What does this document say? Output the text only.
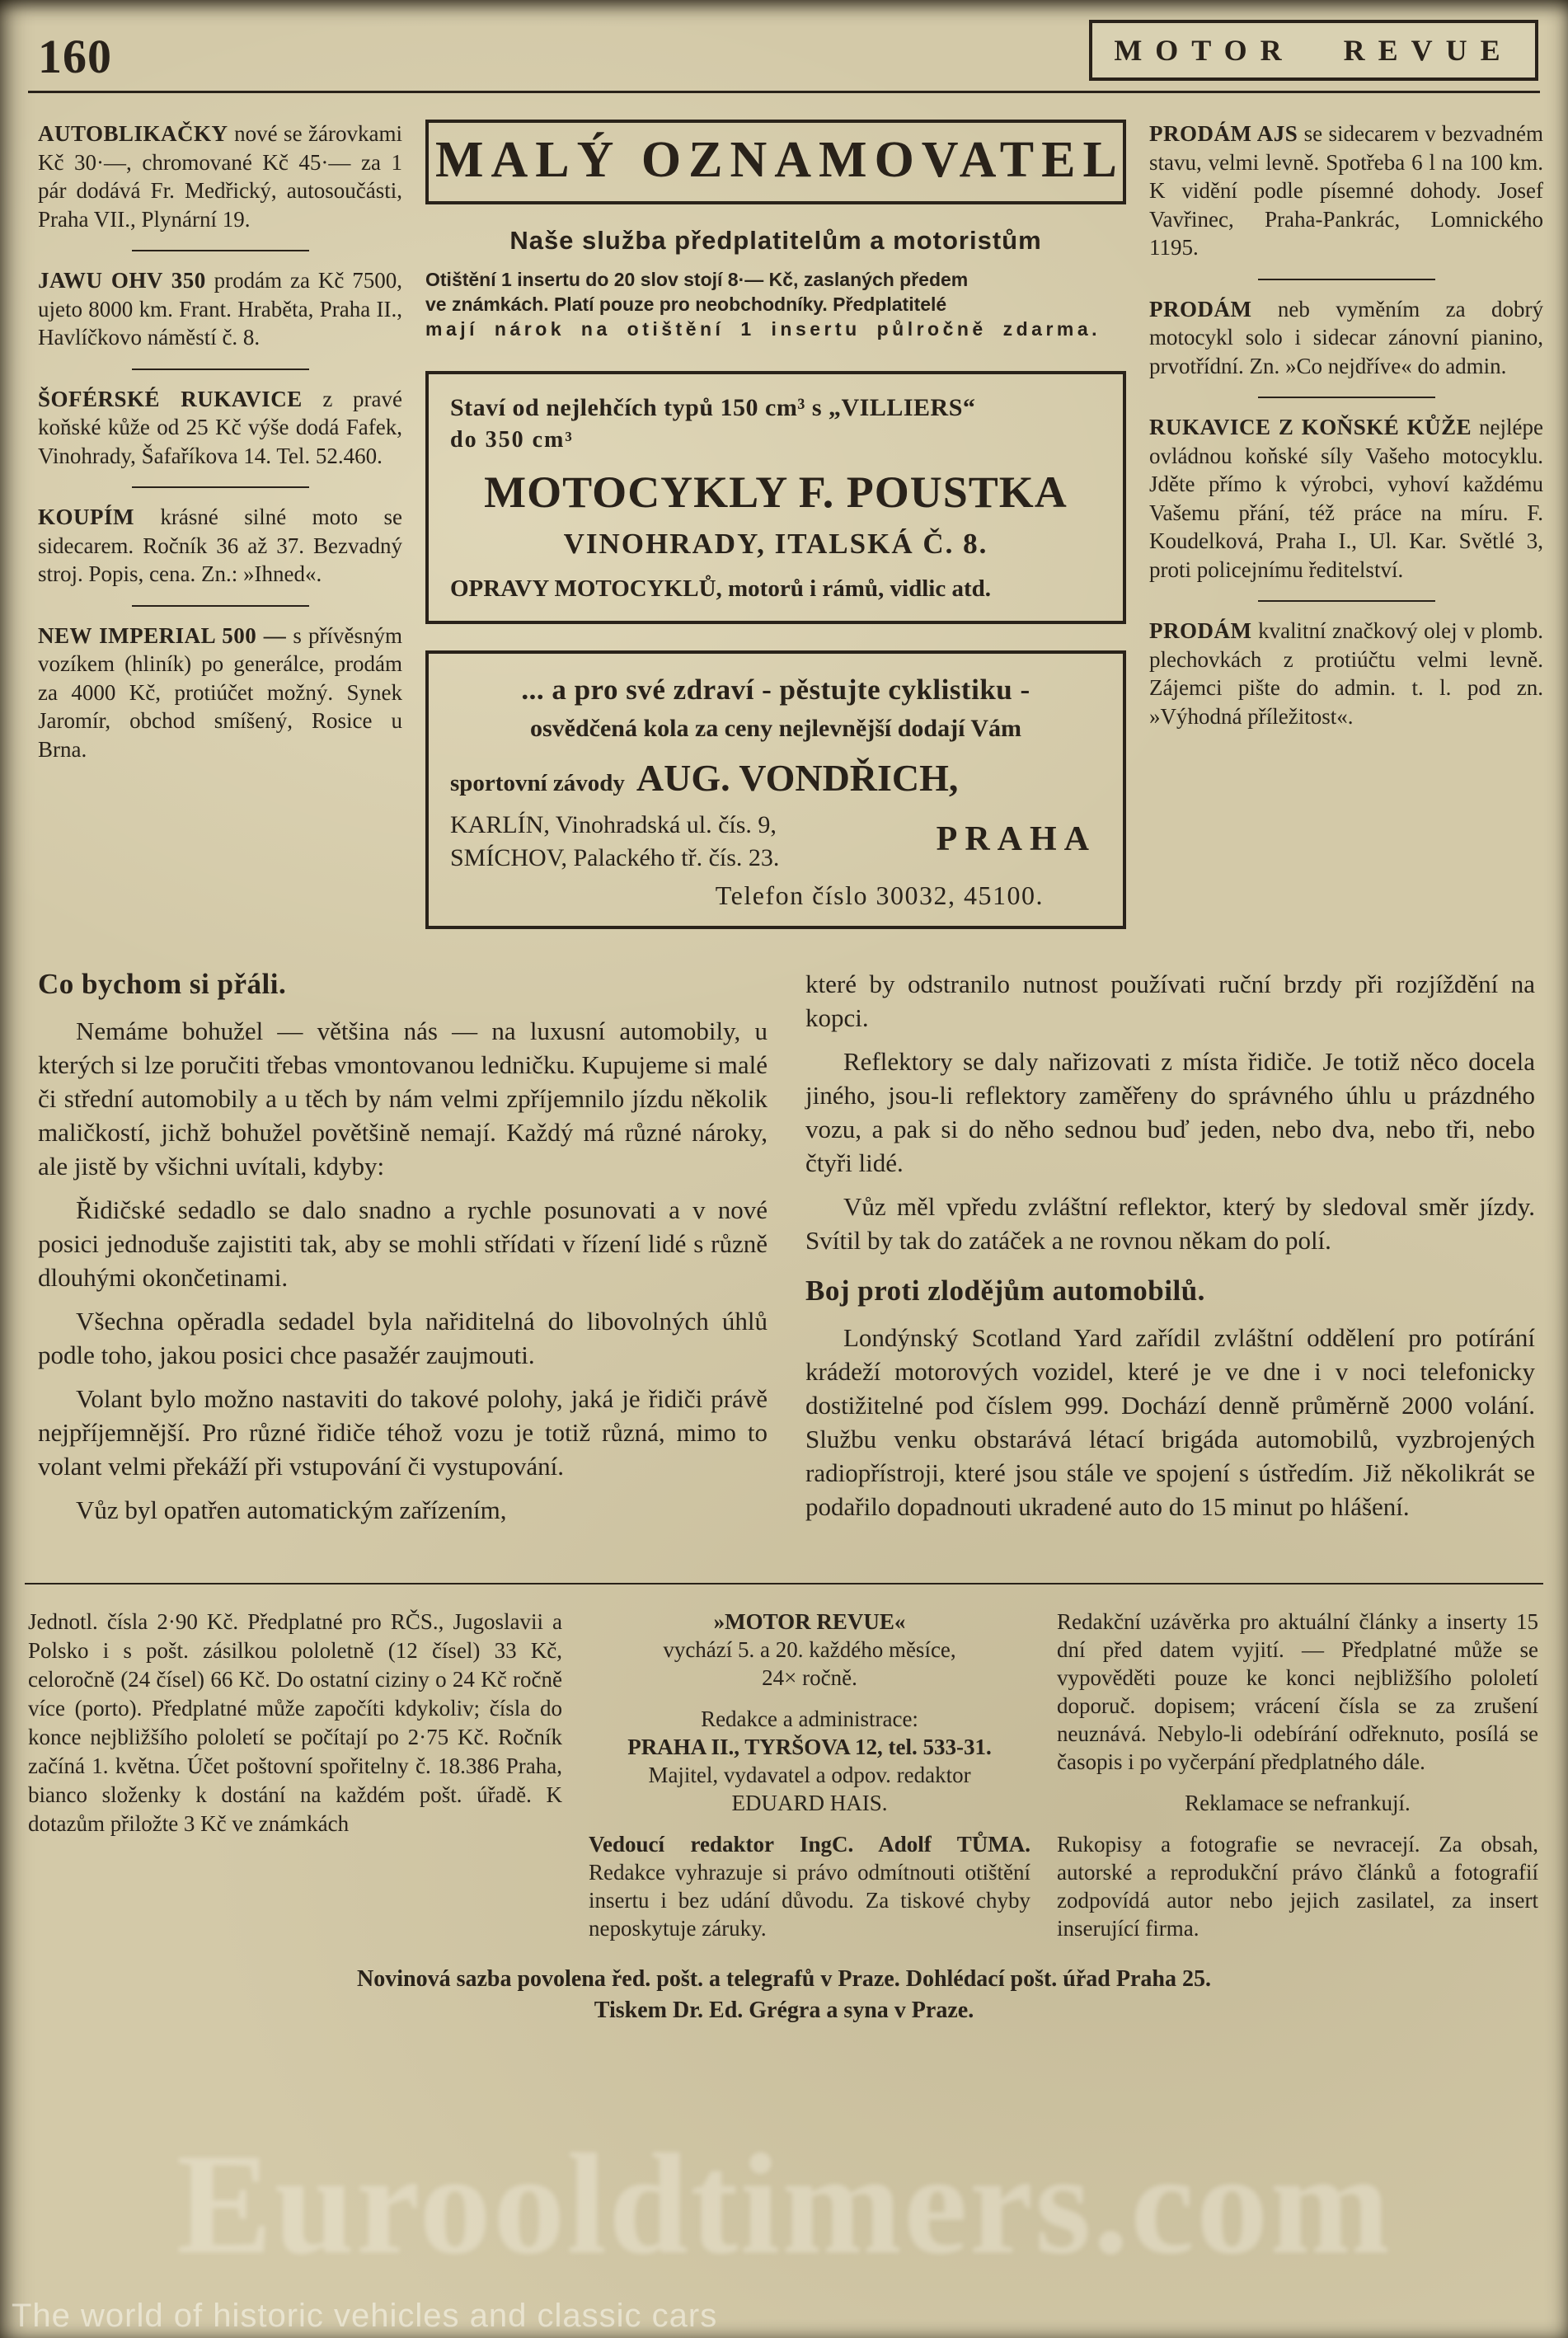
160	MOTOR REVUE
AUTOBLIKAČKY nové se žárovkami Kč 30·—, chromované Kč 45·— za 1 pár dodává Fr. Medřický, autosoučásti, Praha VII., Plynární 19.
JAWU OHV 350 prodám za Kč 7500, ujeto 8000 km. Frant. Hraběta, Praha II., Havlíčkovo náměstí č. 8.
ŠOFÉRSKÉ RUKAVICE z pravé koňské kůže od 25 Kč výše dodá Fafek, Vinohrady, Šafaříkova 14. Tel. 52.460.
KOUPÍM krásné silné moto se sidecarem. Ročník 36 až 37. Bezvadný stroj. Popis, cena. Zn.: »Ihned«.
NEW IMPERIAL 500 — s přívěsným vozíkem (hliník) po generálce, prodám za 4000 Kč, protiúčet možný. Synek Jaromír, obchod smíšený, Rosice u Brna.
MALÝ OZNAMOVATEL
Naše služba předplatitelům a motoristům
Otištění 1 insertu do 20 slov stojí 8·— Kč, zaslaných předem
ve známkách. Platí pouze pro neobchodníky. Předplatitelé
mají nárok na otištění 1 insertu půlročně zdarma.
Staví od nejlehčích typů 150 cm³ s „VILLIERS“
do 350 cm³
MOTOCYKLY F. POUSTKA
VINOHRADY, ITALSKÁ Č. 8.
OPRAVY MOTOCYKLŮ, motorů i rámů, vidlic atd.
... a pro své zdraví - pěstujte cyklistiku -
osvědčená kola za ceny nejlevnější dodají Vám
sportovní závody AUG. VONDŘICH,
KARLÍN, Vinohradská ul. čís. 9,
SMÍCHOV, Palackého tř. čís. 23.	PRAHA
Telefon číslo 30032, 45100.
PRODÁM AJS se sidecarem v bezvadném stavu, velmi levně. Spotřeba 6 l na 100 km. K vidění podle písemné dohody. Josef Vavřinec, Praha-Pankrác, Lomnického 1195.
PRODÁM neb vyměním za dobrý motocykl solo i sidecar zánovní pianino, prvotřídní. Zn. »Co nejdříve« do admin.
RUKAVICE Z KOŇSKÉ KŮŽE nejlépe ovládnou koňské síly Vašeho motocyklu. Jděte přímo k výrobci, vyhoví každému Vašemu přání, též práce na míru. F. Koudelková, Praha I., Ul. Kar. Světlé 3, proti policejnímu ředitelství.
PRODÁM kvalitní značkový olej v plomb. plechovkách z protiúčtu velmi levně. Zájemci pište do admin. t. l. pod zn. »Výhodná příležitost«.
Co bychom si přáli.

Nemáme bohužel — většina nás — na luxusní automobily, u kterých si lze poručiti třebas vmontovanou ledničku. Kupujeme si malé či střední automobily a u těch by nám velmi zpříjemnilo jízdu několik maličkostí, jichž bohužel povětšině nemají. Každý má různé nároky, ale jistě by všichni uvítali, kdyby:

Řidičské sedadlo se dalo snadno a rychle posunovati a v nové posici jednoduše zajistiti tak, aby se mohli střídati v řízení lidé s různě dlouhými okončetinami.

Všechna opěradla sedadel byla nařiditelná do libovolných úhlů podle toho, jakou posici chce pasažér zaujmouti.

Volant bylo možno nastaviti do takové polohy, jaká je řidiči právě nejpříjemnější. Pro různé řidiče téhož vozu je totiž různá, mimo to volant velmi překáží při vstupování či vystupování.

Vůz byl opatřen automatickým zařízením,

které by odstranilo nutnost používati ruční brzdy při rozjíždění na kopci.

Reflektory se daly nařizovati z místa řidiče. Je totiž něco docela jiného, jsou-li reflektory zaměřeny do správného úhlu u prázdného vozu, a pak si do něho sednou buď jeden, nebo dva, nebo tři, nebo čtyři lidé.

Vůz měl vpředu zvláštní reflektor, který by sledoval směr jízdy. Svítil by tak do zatáček a ne rovnou někam do polí.

Boj proti zlodějům automobilů.

Londýnský Scotland Yard zařídil zvláštní oddělení pro potírání krádeží motorových vozidel, které je ve dne i v noci telefonicky dostižitelné pod číslem 999. Dochází denně průměrně 2000 volání. Službu venku obstarává létací brigáda automobilů, vyzbrojených radiopřístroji, které jsou stále ve spojení s ústředím. Již několikrát se podařilo dopadnouti ukradené auto do 15 minut po hlášení.

Jednotl. čísla 2·90 Kč. Předplatné pro RČS., Jugoslavii a Polsko i s pošt. zásilkou pololetně (12 čísel) 33 Kč, celoročně (24 čísel) 66 Kč. Do ostatní ciziny o 24 Kč ročně více (porto). Předplatné může započíti kdykoliv; čísla do konce nejbližšího pololetí se počítají po 2·75 Kč. Ročník začíná 1. května. Účet poštovní spořitelny č. 18.386 Praha, bianco složenky k dostání na každém pošt. úřadě. K dotazům přiložte 3 Kč ve známkách
»MOTOR REVUE«
vychází 5. a 20. každého měsíce,
24× ročně.
Redakce a administrace:
PRAHA II., TYRŠOVA 12, tel. 533-31.
Majitel, vydavatel a odpov. redaktor
EDUARD HAIS.
Vedoucí redaktor IngC. Adolf TŮMA. Redakce vyhrazuje si právo odmítnouti otištění insertu i bez udání důvodu. Za tiskové chyby neposkytuje záruky.
Redakční uzávěrka pro aktuální články a inserty 15 dní před datem vyjití. — Předplatné může se vypověděti pouze ke konci nejbližšího pololetí doporuč. dopisem; vrácení čísla se za zrušení neuznává. Nebylo-li odebírání odřeknuto, posílá se časopis i po vyčerpání předplatného dále.
Reklamace se nefrankují.
Rukopisy a fotografie se nevracejí. Za obsah, autorské a reprodukční právo článků a fotografií zodpovídá autor nebo jejich zasilatel, za insert inserující firma.
Novinová sazba povolena řed. pošt. a telegrafů v Praze. Dohlédací pošt. úřad Praha 25.
Tiskem Dr. Ed. Grégra a syna v Praze.
Eurooldtimers.com
The world of historic vehicles and classic cars
